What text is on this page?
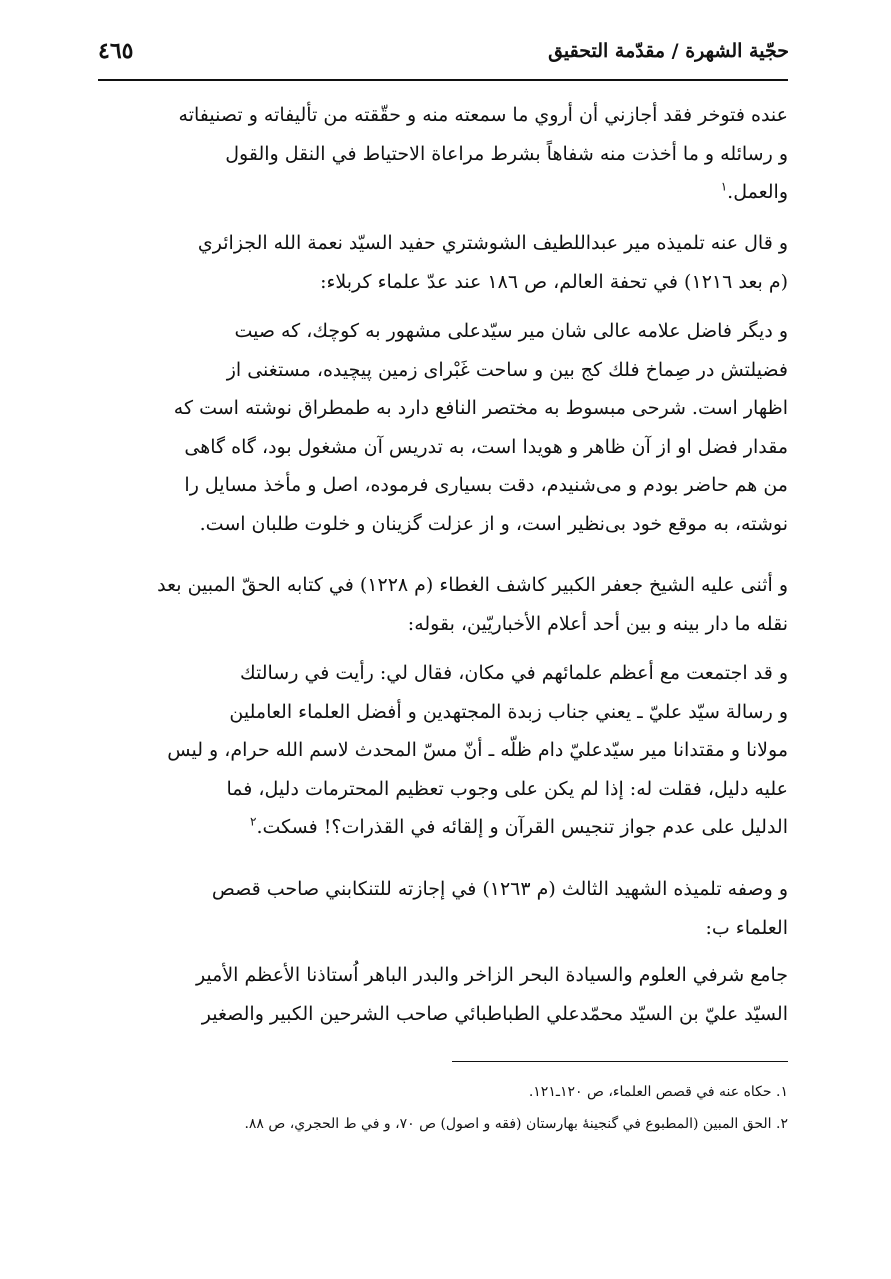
حجّية الشهرة / مقدّمة التحقيق
٤٦٥
عنده فتوخر فقد أجازني أن أروي ما سمعته منه و حقّقته من تأليفاته و تصنيفاته
و رسائله و ما أخذت منه شفاهاً بشرط مراعاة الاحتياط في النقل والقول
والعمل.$^١$
و قال عنه تلميذه مير عبداللطيف الشوشتري حفيد السيّد نعمة الله الجزائري
(م بعد ١٢١٦) في تحفة العالم، ص ١٨٦ عند عدّ علماء كربلاء:
و ديگر فاضل علامه عالى شان مير سيّدعلى مشهور به كوچك، كه صيت
فضيلتش در صِماخ فلك كج بين و ساحت غَبْراى زمين پيچيده، مستغنى از
اظهار است. شرحى مبسوط به مختصر النافع دارد به طمطراق نوشته است كه
مقدار فضل او از آن ظاهر و هويدا است، به تدريس آن مشغول بود، گاه گاهى
من هم حاضر بودم و مى‌شنيدم، دقت بسيارى فرموده، اصل و مأخذ مسايل را
نوشته، به موقع خود بى‌نظير است، و از عزلت گزينان و خلوت طلبان است.
و أثنى عليه الشيخ جعفر الكبير كاشف الغطاء (م ١٢٢٨) في كتابه الحقّ المبين بعد
نقله ما دار بينه و بين أحد أعلام الأخباريّين، بقوله:
و قد اجتمعت مع أعظم علمائهم في مكان، فقال لي: رأيت في رسالتك
و رسالة سيّد عليّ ـ يعني جناب زبدة المجتهدين و أفضل العلماء العاملين
مولانا و مقتدانا مير سيّدعليّ دام ظلّه ـ أنّ مسّ المحدث لاسم الله حرام، و ليس
عليه دليل، فقلت له: إذا لم يكن على وجوب تعظيم المحترمات دليل، فما
الدليل على عدم جواز تنجيس القرآن و إلقائه في القذرات؟! فسكت.$^٢$
و وصفه تلميذه الشهيد الثالث (م ١٢٦٣) في إجازته للتنكابني صاحب قصص
العلماء ب:
جامع شرفي العلوم والسيادة البحر الزاخر والبدر الباهر اُستاذنا الأعظم الأمير
السيّد عليّ بن السيّد محمّدعلي الطباطبائي صاحب الشرحين الكبير والصغير
١. حكاه عنه في قصص العلماء، ص ١٢٠ـ١٢١.
٢. الحق المبين (المطبوع في گنجينهٔ بهارستان (فقه و اصول) ص ٧٠، و في ط الحجري، ص ٨٨.
